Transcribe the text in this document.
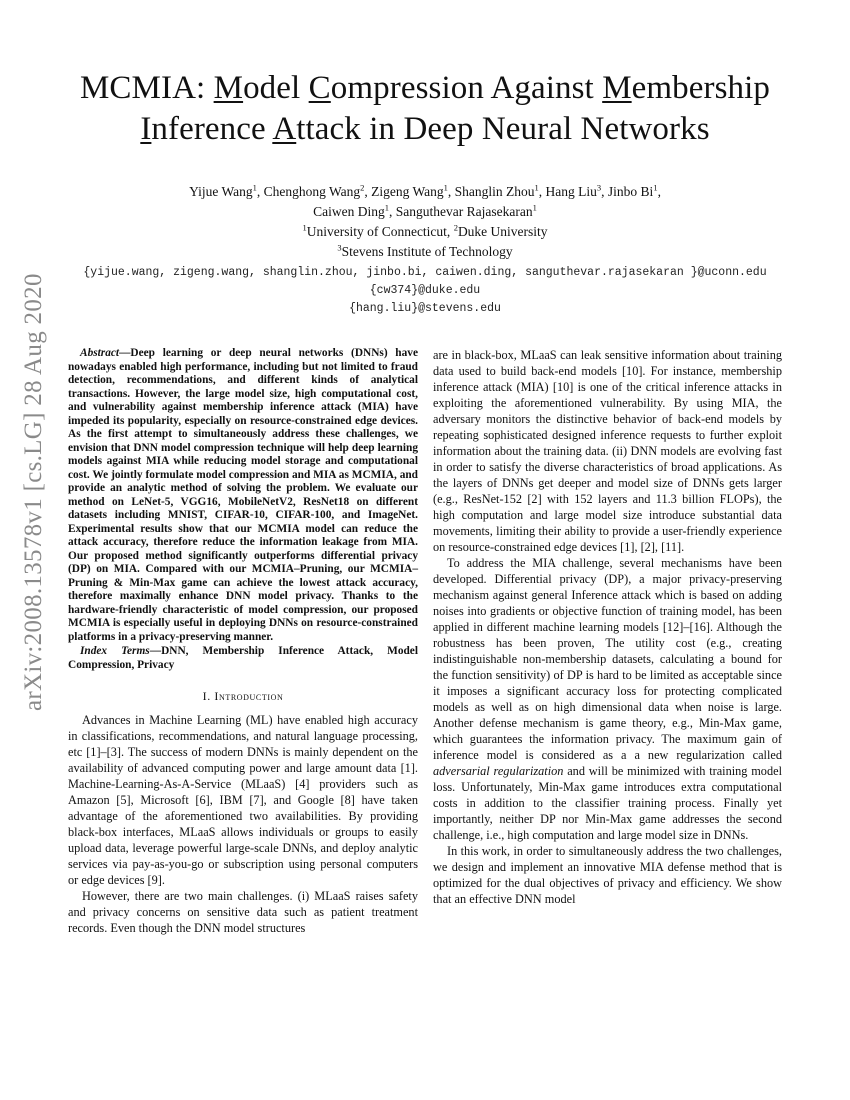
arXiv:2008.13578v1 [cs.LG] 28 Aug 2020
MCMIA: Model Compression Against Membership
Inference Attack in Deep Neural Networks
Yijue Wang$^1$, Chenghong Wang$^2$, Zigeng Wang$^1$, Shanglin Zhou$^1$, Hang Liu$^3$, Jinbo Bi$^1$,
Caiwen Ding$^1$, Sanguthevar Rajasekaran$^1$
$^1$University of Connecticut, $^2$Duke University
$^3$Stevens Institute of Technology
{yijue.wang, zigeng.wang, shanglin.zhou, jinbo.bi, caiwen.ding, sanguthevar.rajasekaran }@uconn.edu
{cw374}@duke.edu
{hang.liu}@stevens.edu

Abstract—Deep learning or deep neural networks (DNNs) have nowadays enabled high performance, including but not limited to fraud detection, recommendations, and different kinds of analytical transactions. However, the large model size, high computational cost, and vulnerability against membership inference attack (MIA) have impeded its popularity, especially on resource-constrained edge devices. As the first attempt to simultaneously address these challenges, we envision that DNN model compression technique will help deep learning models against MIA while reducing model storage and computational cost. We jointly formulate model compression and MIA as MCMIA, and provide an analytic method of solving the problem. We evaluate our method on LeNet-5, VGG16, MobileNetV2, ResNet18 on different datasets including MNIST, CIFAR-10, CIFAR-100, and ImageNet. Experimental results show that our MCMIA model can reduce the attack accuracy, therefore reduce the information leakage from MIA. Our proposed method significantly outperforms differential privacy (DP) on MIA. Compared with our MCMIA–Pruning, our MCMIA–Pruning & Min-Max game can achieve the lowest attack accuracy, therefore maximally enhance DNN model privacy. Thanks to the hardware-friendly characteristic of model compression, our proposed MCMIA is especially useful in deploying DNNs on resource-constrained platforms in a privacy-preserving manner.

Index Terms—DNN, Membership Inference Attack, Model Compression, Privacy

I. Introduction

Advances in Machine Learning (ML) have enabled high accuracy in classifications, recommendations, and natural language processing, etc [1]–[3]. The success of modern DNNs is mainly dependent on the availability of advanced computing power and large amount data [1]. Machine-Learning-As-A-Service (MLaaS) [4] providers such as Amazon [5], Microsoft [6], IBM [7], and Google [8] have taken advantage of the aforementioned two availabilities. By providing black-box interfaces, MLaaS allows individuals or groups to easily upload data, leverage powerful large-scale DNNs, and deploy analytic services via pay-as-you-go or subscription using personal computers or edge devices [9].

However, there are two main challenges. (i) MLaaS raises safety and privacy concerns on sensitive data such as patient treatment records. Even though the DNN model structures

are in black-box, MLaaS can leak sensitive information about training data used to build back-end models [10]. For instance, membership inference attack (MIA) [10] is one of the critical inference attacks in exploiting the aforementioned vulnerability. By using MIA, the adversary monitors the distinctive behavior of back-end models by repeating sophisticated designed inference requests to further exploit information about the training data. (ii) DNN models are evolving fast in order to satisfy the diverse characteristics of broad applications. As the layers of DNNs get deeper and model size of DNNs gets larger (e.g., ResNet-152 [2] with 152 layers and 11.3 billion FLOPs), the high computation and large model size introduce substantial data movements, limiting their ability to provide a user-friendly experience on resource-constrained edge devices [1], [2], [11].

To address the MIA challenge, several mechanisms have been developed. Differential privacy (DP), a major privacy-preserving mechanism against general Inference attack which is based on adding noises into gradients or objective function of training model, has been applied in different machine learning models [12]–[16]. Although the robustness has been proven, The utility cost (e.g., creating indistinguishable non-membership datasets, calculating a bound for the function sensitivity) of DP is hard to be limited as acceptable since it imposes a significant accuracy loss for protecting complicated models as well as on high dimensional data when noise is large. Another defense mechanism is game theory, e.g., Min-Max game, which guarantees the information privacy. The maximum gain of inference model is considered as a a new regularization called adversarial regularization and will be minimized with training model loss. Unfortunately, Min-Max game introduces extra computational costs in addition to the classifier training process. Finally yet importantly, neither DP nor Min-Max game addresses the second challenge, i.e., high computation and large model size in DNNs.

In this work, in order to simultaneously address the two challenges, we design and implement an innovative MIA defense method that is optimized for the dual objectives of privacy and efficiency. We show that an effective DNN model
